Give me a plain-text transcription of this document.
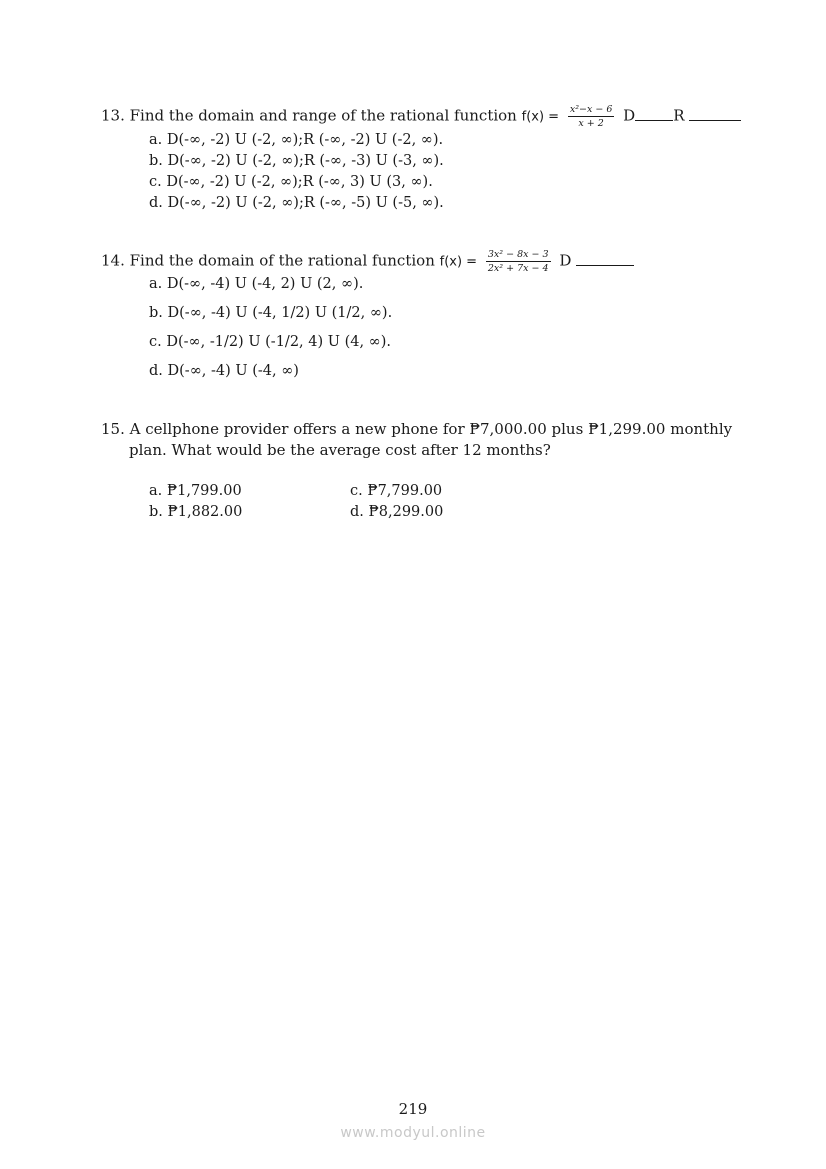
13. Find the domain and range of the rational function $f(x) = \frac{\text{x²−x − 6}}{x + 2}$ D	R
a. D(-∞, -2) U (-2, ∞);R (-∞, -2) U (-2, ∞).
b. D(-∞, -2) U (-2, ∞);R (-∞, -3) U (-3, ∞).
c. D(-∞, -2) U (-2, ∞);R (-∞, 3) U (3, ∞).
d. D(-∞, -2) U (-2, ∞);R (-∞, -5) U (-5, ∞).
14. Find the domain of the rational function $f(x) = \frac{\text{3x² − 8x − 3}}{\text{2x² + 7x − 4}}$ D
a. D(-∞, -4) U (-4, 2) U (2, ∞).
b. D(-∞, -4) U (-4, 1/2) U (1/2, ∞).
c. D(-∞, -1/2) U (-1/2, 4) U (4, ∞).
d. D(-∞, -4) U (-4, ∞)
15. A cellphone provider offers a new phone for ₱7,000.00 plus ₱1,299.00 monthly
plan. What would be the average cost after 12 months?
a. ₱1,799.00	c. ₱7,799.00
b. ₱1,882.00	d. ₱8,299.00
219
www.modyul.online
